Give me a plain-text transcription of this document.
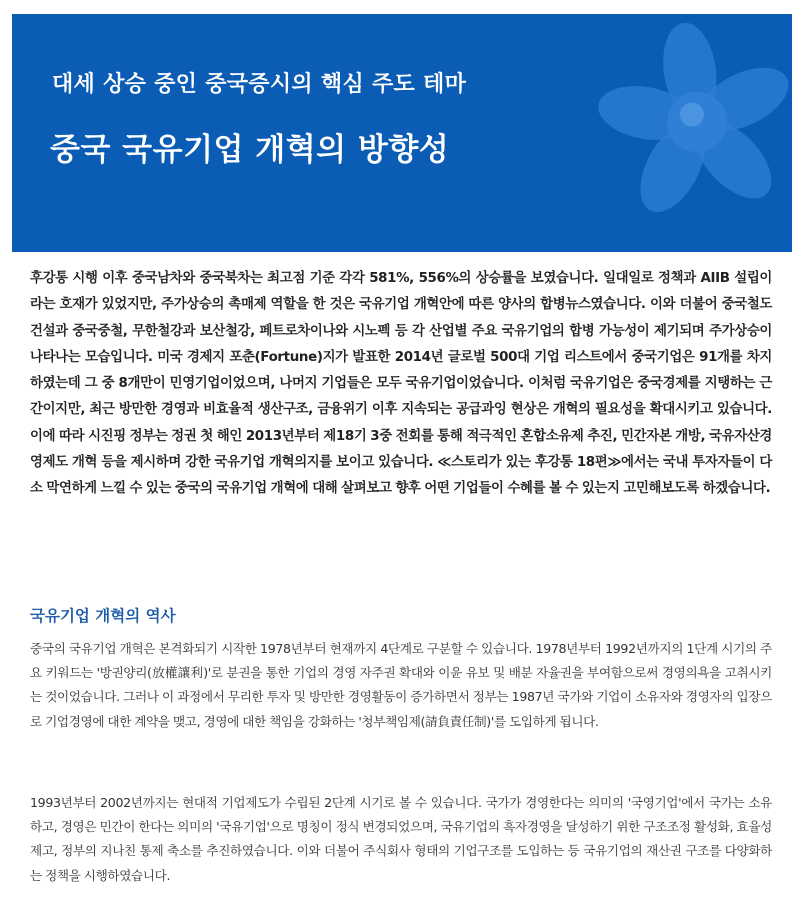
대세 상승 중인 중국증시의 핵심 주도 테마
중국 국유기업 개혁의 방향성

후강통 시행 이후 중국남차와 중국북차는 최고점 기준 각각 581%, 556%의 상승률을 보였습니다. 일대일로 정책과 AIIB 설립이라는 호재가 있었지만, 주가상승의 촉매제 역할을 한 것은 국유기업 개혁안에 따른 양사의 합병뉴스였습니다. 이와 더불어 중국철도건설과 중국중철, 무한철강과 보산철강, 페트로차이나와 시노펙 등 각 산업별 주요 국유기업의 합병 가능성이 제기되며 주가상승이 나타나는 모습입니다. 미국 경제지 포춘(Fortune)지가 발표한 2014년 글로벌 500대 기업 리스트에서 중국기업은 91개를 차지하였는데 그 중 8개만이 민영기업이었으며, 나머지 기업들은 모두 국유기업이었습니다. 이처럼 국유기업은 중국경제를 지탱하는 근간이지만, 최근 방만한 경영과 비효율적 생산구조, 금융위기 이후 지속되는 공급과잉 현상은 개혁의 필요성을 확대시키고 있습니다. 이에 따라 시진핑 정부는 정권 첫 해인 2013년부터 제18기 3중 전회를 통해 적극적인 혼합소유제 추진, 민간자본 개방, 국유자산경영제도 개혁 등을 제시하며 강한 국유기업 개혁의지를 보이고 있습니다. ≪스토리가 있는 후강통 18편≫에서는 국내 투자자들이 다소 막연하게 느낄 수 있는 중국의 국유기업 개혁에 대해 살펴보고 향후 어떤 기업들이 수혜를 볼 수 있는지 고민해보도록 하겠습니다.

국유기업 개혁의 역사

중국의 국유기업 개혁은 본격화되기 시작한 1978년부터 현재까지 4단계로 구분할 수 있습니다. 1978년부터 1992년까지의 1단계 시기의 주요 키워드는 '방권양리(放權讓利)'로 분권을 통한 기업의 경영 자주권 확대와 이윤 유보 및 배분 자율권을 부여함으로써 경영의욕을 고취시키는 것이었습니다. 그러나 이 과정에서 무리한 투자 및 방만한 경영활동이 증가하면서 정부는 1987년 국가와 기업이 소유자와 경영자의 입장으로 기업경영에 대한 계약을 맺고, 경영에 대한 책임을 강화하는 '청부책임제(請負責任制)'를 도입하게 됩니다.

1993년부터 2002년까지는 현대적 기업제도가 수립된 2단계 시기로 볼 수 있습니다. 국가가 경영한다는 의미의 '국영기업'에서 국가는 소유하고, 경영은 민간이 한다는 의미의 '국유기업'으로 명칭이 정식 변경되었으며, 국유기업의 흑자경영을 달성하기 위한 구조조정 활성화, 효율성 제고, 정부의 지나친 통제 축소를 추진하였습니다. 이와 더불어 주식회사 형태의 기업구조를 도입하는 등 국유기업의 재산권 구조를 다양화하는 정책을 시행하였습니다.
